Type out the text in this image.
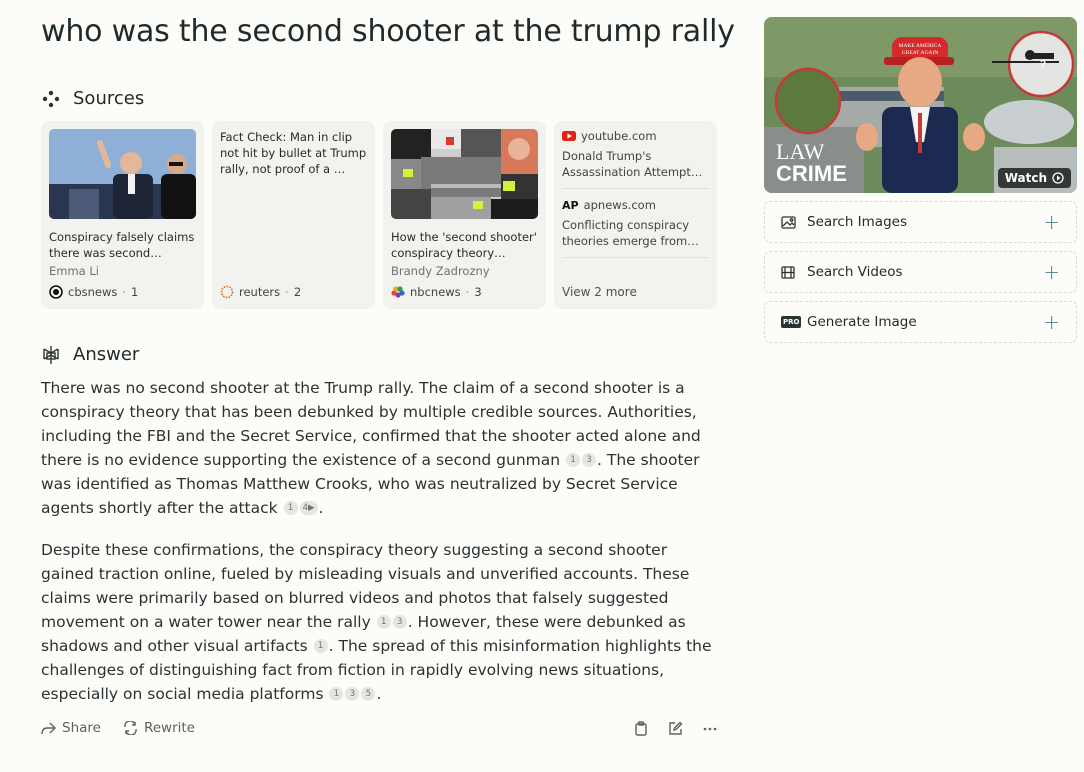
who was the second shooter at the trump rally
Sources
Conspiracy falsely claims there was second…
Emma Li
cbsnews · 1
Fact Check: Man in clip not hit by bullet at Trump rally, not proof of a …
reuters · 2
How the 'second shooter' conspiracy theory…
Brandy Zadrozny
nbcnews · 3
youtube.com
Donald Trump's Assassination Attempt…
AP apnews.com
Conflicting conspiracy theories emerge from…
View 2 more
Answer

There was no second shooter at the Trump rally. The claim of a second shooter is a conspiracy theory that has been debunked by multiple credible sources. Authorities, including the FBI and the Secret Service, confirmed that the shooter acted alone and there is no evidence supporting the existence of a second gunman 1 3 . The shooter was identified as Thomas Matthew Crooks, who was neutralized by Secret Service agents shortly after the attack 1 4▶ .

Despite these confirmations, the conspiracy theory suggesting a second shooter gained traction online, fueled by misleading visuals and unverified accounts. These claims were primarily based on blurred videos and photos that falsely suggested movement on a water tower near the rally 1 3 . However, these were debunked as shadows and other visual artifacts 1 . The spread of this misinformation highlights the challenges of distinguishing fact from fiction in rapidly evolving news situations, especially on social media platforms 1 3 5 .

Share	Rewrite
?
MAKE AMERICA
GREAT AGAIN
LAW
CRIME	Watch
Search Images	+
Search Videos	+
PRO Generate Image	+
